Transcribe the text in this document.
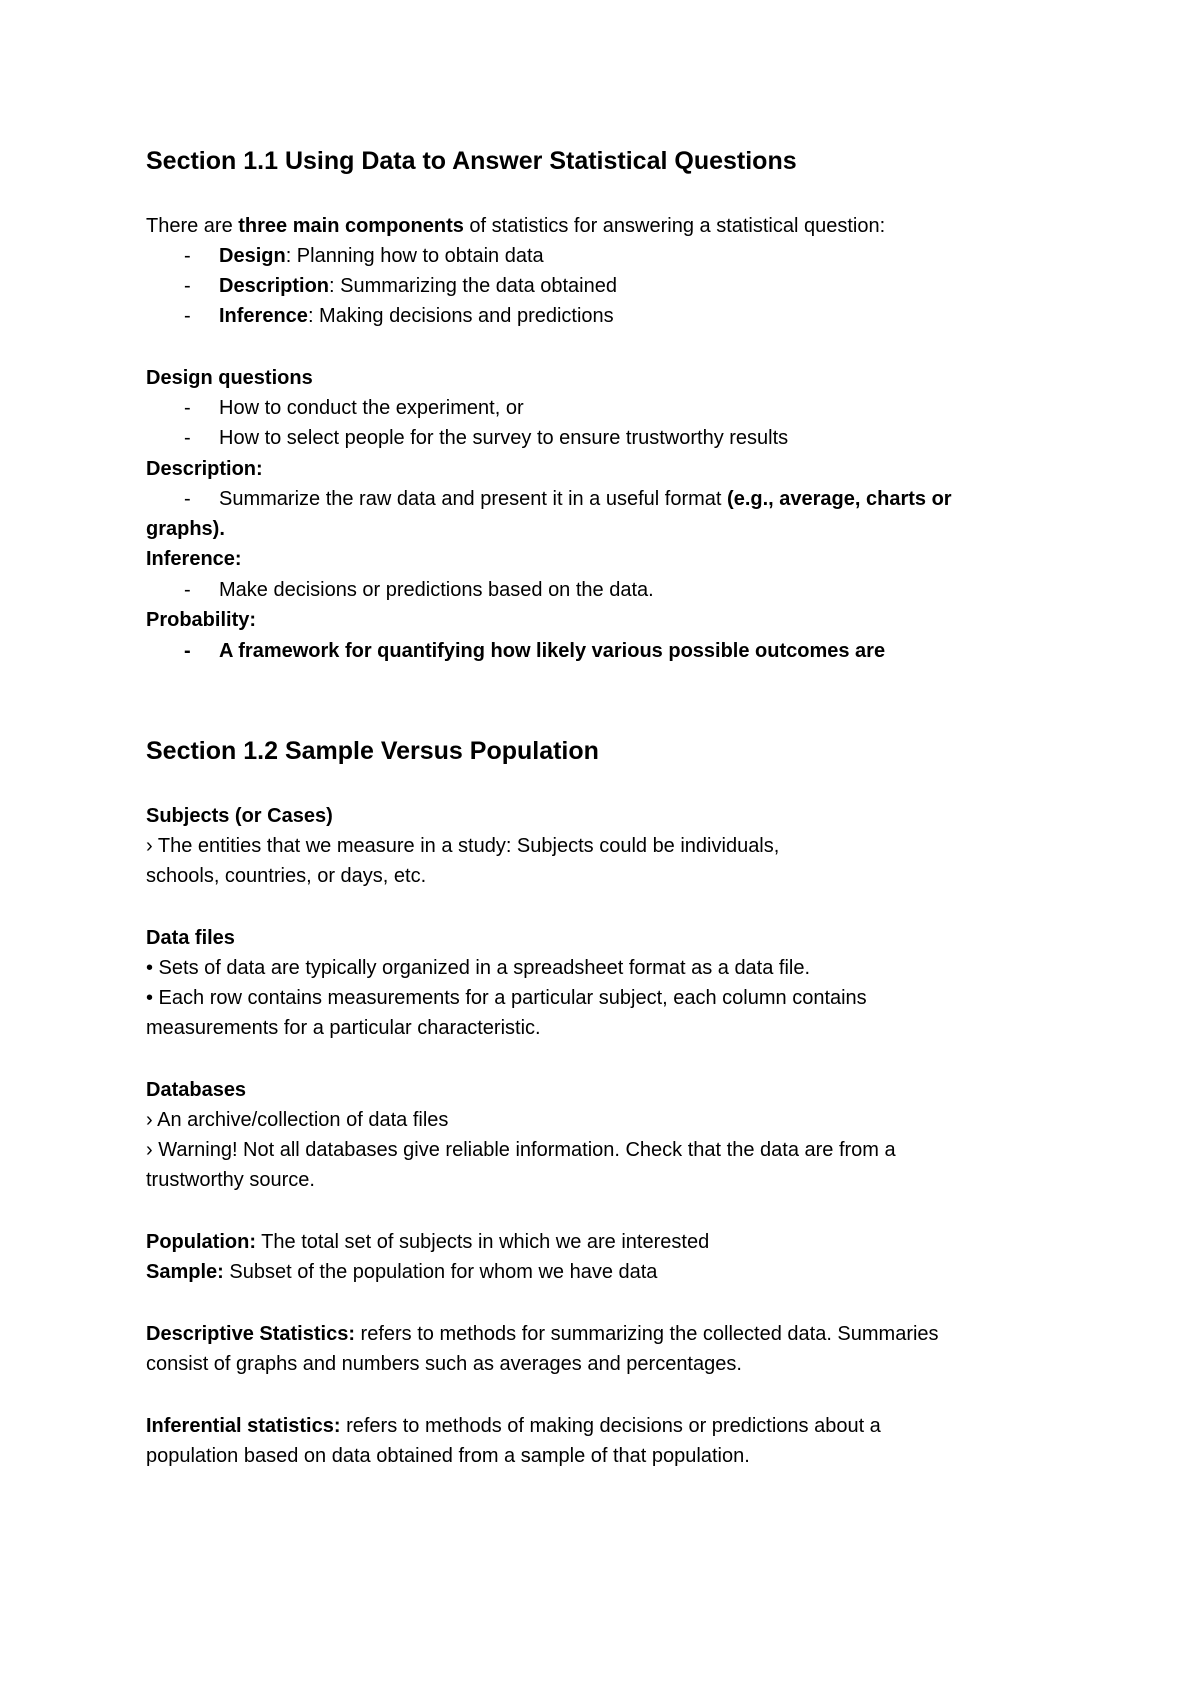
Section 1.1 Using Data to Answer Statistical Questions
There are three main components of statistics for answering a statistical question:
-	Design: Planning how to obtain data
-	Description: Summarizing the data obtained
-	Inference: Making decisions and predictions
Design questions
-	How to conduct the experiment, or
-	How to select people for the survey to ensure trustworthy results
Description:
-	Summarize the raw data and present it in a useful format (e.g., average, charts or
graphs).
Inference:
-	Make decisions or predictions based on the data.
Probability:
-	A framework for quantifying how likely various possible outcomes are
Section 1.2 Sample Versus Population
Subjects (or Cases)
› The entities that we measure in a study: Subjects could be individuals,
schools, countries, or days, etc.
Data files
• Sets of data are typically organized in a spreadsheet format as a data file.
• Each row contains measurements for a particular subject, each column contains
measurements for a particular characteristic.
Databases
› An archive/collection of data files
› Warning! Not all databases give reliable information. Check that the data are from a
trustworthy source.
Population: The total set of subjects in which we are interested
Sample: Subset of the population for whom we have data
Descriptive Statistics: refers to methods for summarizing the collected data. Summaries
consist of graphs and numbers such as averages and percentages.
Inferential statistics: refers to methods of making decisions or predictions about a
population based on data obtained from a sample of that population.
